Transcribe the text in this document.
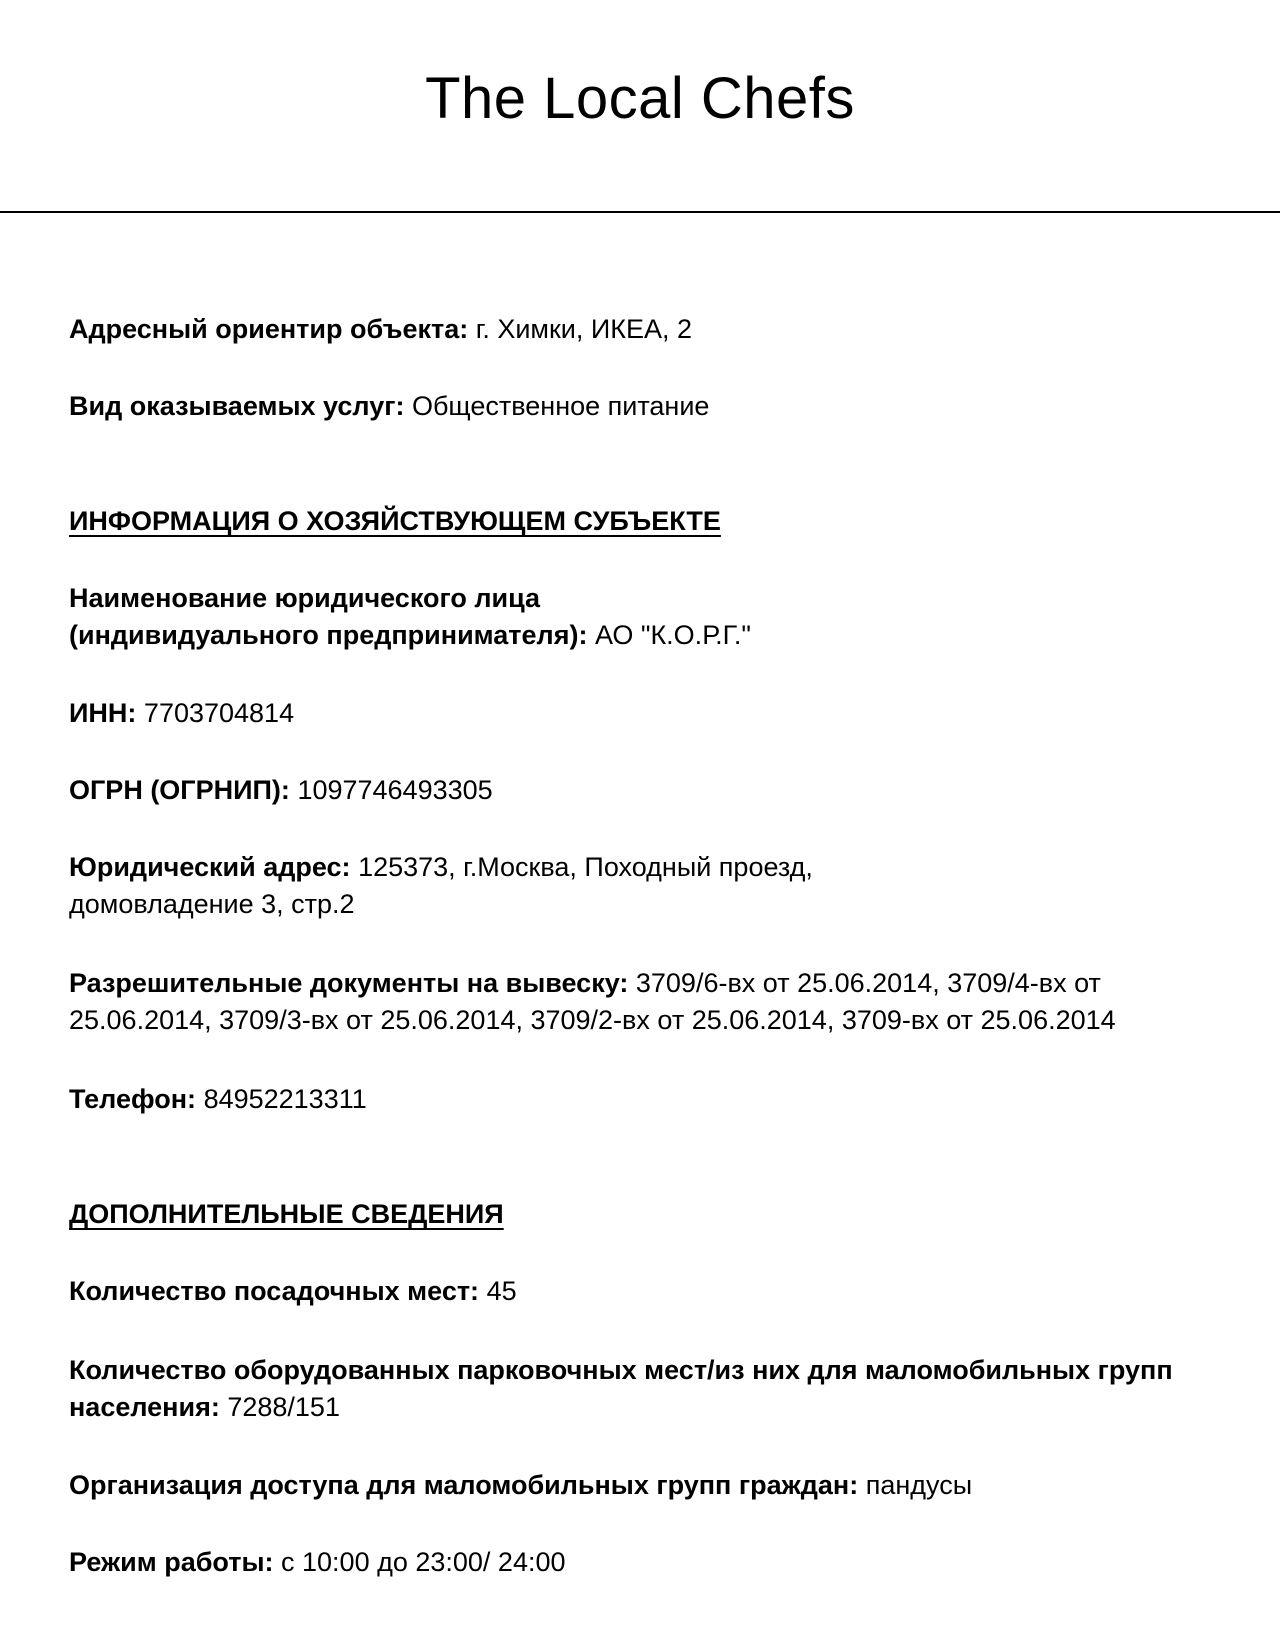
The Local Chefs
Адресный ориентир объекта: г. Химки, ИКЕА, 2
Вид оказываемых услуг: Общественное питание
ИНФОРМАЦИЯ О ХОЗЯЙСТВУЮЩЕМ СУБЪЕКТЕ
Наименование юридического лица
(индивидуального предпринимателя): АО "К.О.Р.Г."
ИНН: 7703704814
ОГРН (ОГРНИП): 1097746493305
Юридический адрес: 125373, г.Москва, Походный проезд,
домовладение 3, стр.2
Разрешительные документы на вывеску: 3709/6-вх от 25.06.2014, 3709/4-вх от
25.06.2014, 3709/3-вх от 25.06.2014, 3709/2-вх от 25.06.2014, 3709-вх от 25.06.2014
Телефон: 84952213311
ДОПОЛНИТЕЛЬНЫЕ СВЕДЕНИЯ
Количество посадочных мест: 45
Количество оборудованных парковочных мест/из них для маломобильных групп
населения: 7288/151
Организация доступа для маломобильных групп граждан: пандусы
Режим работы: с 10:00 до 23:00/ 24:00
